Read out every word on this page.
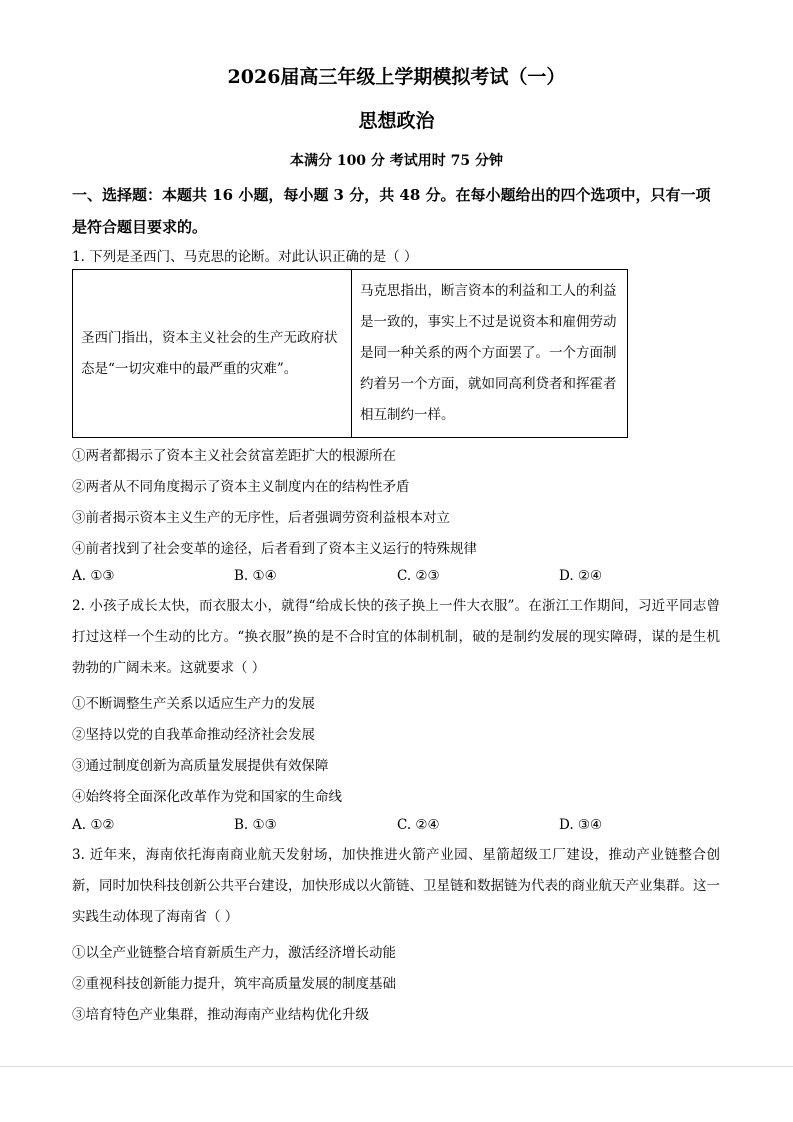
2026届高三年级上学期模拟考试（一）
思想政治
本满分 100 分 考试用时 75 分钟
一、选择题：本题共 16 小题，每小题 3 分，共 48 分。在每小题给出的四个选项中，只有一项是符合题目要求的。
1. 下列是圣西门、马克思的论断。对此认识正确的是（ ）
圣西门指出，资本主义社会的生产无政府状态是“一切灾难中的最严重的灾难”。	马克思指出，断言资本的利益和工人的利益是一致的，事实上不过是说资本和雇佣劳动是同一种关系的两个方面罢了。一个方面制约着另一个方面，就如同高利贷者和挥霍者相互制约一样。
①两者都揭示了资本主义社会贫富差距扩大的根源所在
②两者从不同角度揭示了资本主义制度内在的结构性矛盾
③前者揭示资本主义生产的无序性，后者强调劳资利益根本对立
④前者找到了社会变革的途径，后者看到了资本主义运行的特殊规律
A. ①③	B. ①④	C. ②③	D. ②④
2. 小孩子成长太快，而衣服太小，就得“给成长快的孩子换上一件大衣服”。在浙江工作期间，习近平同志曾打过这样一个生动的比方。“换衣服”换的是不合时宜的体制机制，破的是制约发展的现实障碍，谋的是生机勃勃的广阔未来。这就要求（ ）
①不断调整生产关系以适应生产力的发展
②坚持以党的自我革命推动经济社会发展
③通过制度创新为高质量发展提供有效保障
④始终将全面深化改革作为党和国家的生命线
A. ①②	B. ①③	C. ②④	D. ③④
3. 近年来，海南依托海南商业航天发射场，加快推进火箭产业园、星箭超级工厂建设，推动产业链整合创新，同时加快科技创新公共平台建设，加快形成以火箭链、卫星链和数据链为代表的商业航天产业集群。这一实践生动体现了海南省（ ）
①以全产业链整合培育新质生产力，激活经济增长动能
②重视科技创新能力提升，筑牢高质量发展的制度基础
③培育特色产业集群，推动海南产业结构优化升级
